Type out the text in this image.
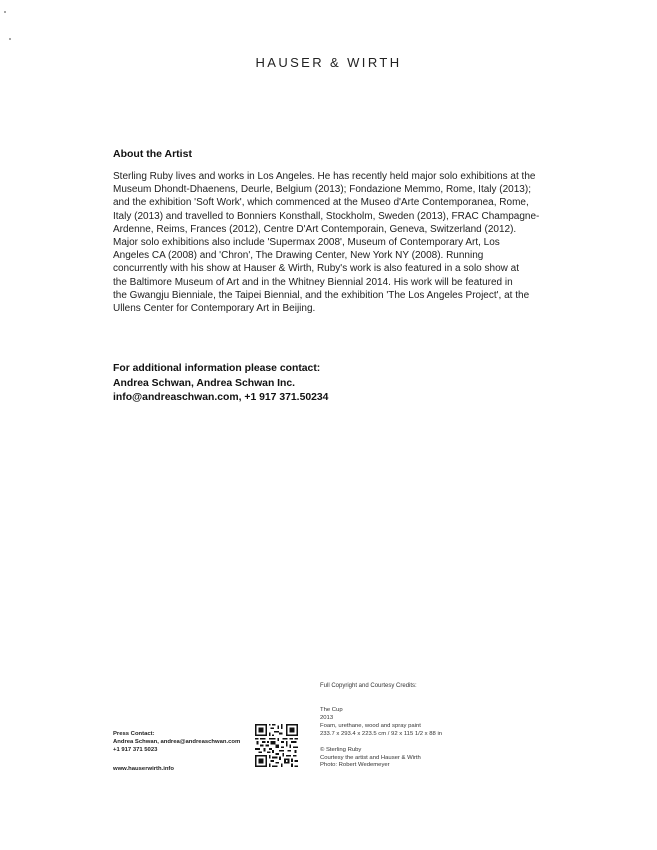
HAUSER & WIRTH
About the Artist
Sterling Ruby lives and works in Los Angeles. He has recently held major solo exhibitions at the
Museum Dhondt-Dhaenens, Deurle, Belgium (2013); Fondazione Memmo, Rome, Italy (2013);
and the exhibition 'Soft Work', which commenced at the Museo d'Arte Contemporanea, Rome,
Italy (2013) and travelled to Bonniers Konsthall, Stockholm, Sweden (2013), FRAC Champagne-
Ardenne, Reims, Frances (2012), Centre D'Art Contemporain, Geneva, Switzerland (2012).
Major solo exhibitions also include 'Supermax 2008', Museum of Contemporary Art, Los
Angeles CA (2008) and 'Chron', The Drawing Center, New York NY (2008). Running
concurrently with his show at Hauser & Wirth, Ruby's work is also featured in a solo show at
the Baltimore Museum of Art and in the Whitney Biennial 2014. His work will be featured in
the Gwangju Bienniale, the Taipei Biennial, and the exhibition 'The Los Angeles Project', at the
Ullens Center for Contemporary Art in Beijing.
For additional information please contact:
Andrea Schwan, Andrea Schwan Inc.
info@andreaschwan.com, +1 917 371.50234
Full Copyright and Courtesy Credits:
The Cup
2013
Foam, urethane, wood and spray paint
233.7 x 293.4 x 223.5 cm / 92 x 115 1/2 x 88 in
© Sterling Ruby
Courtesy the artist and Hauser & Wirth
Photo: Robert Wedemeyer
Press Contact:
Andrea Schwan, andrea@andreaschwan.com
+1 917 371 5023
www.hauserwirth.info
